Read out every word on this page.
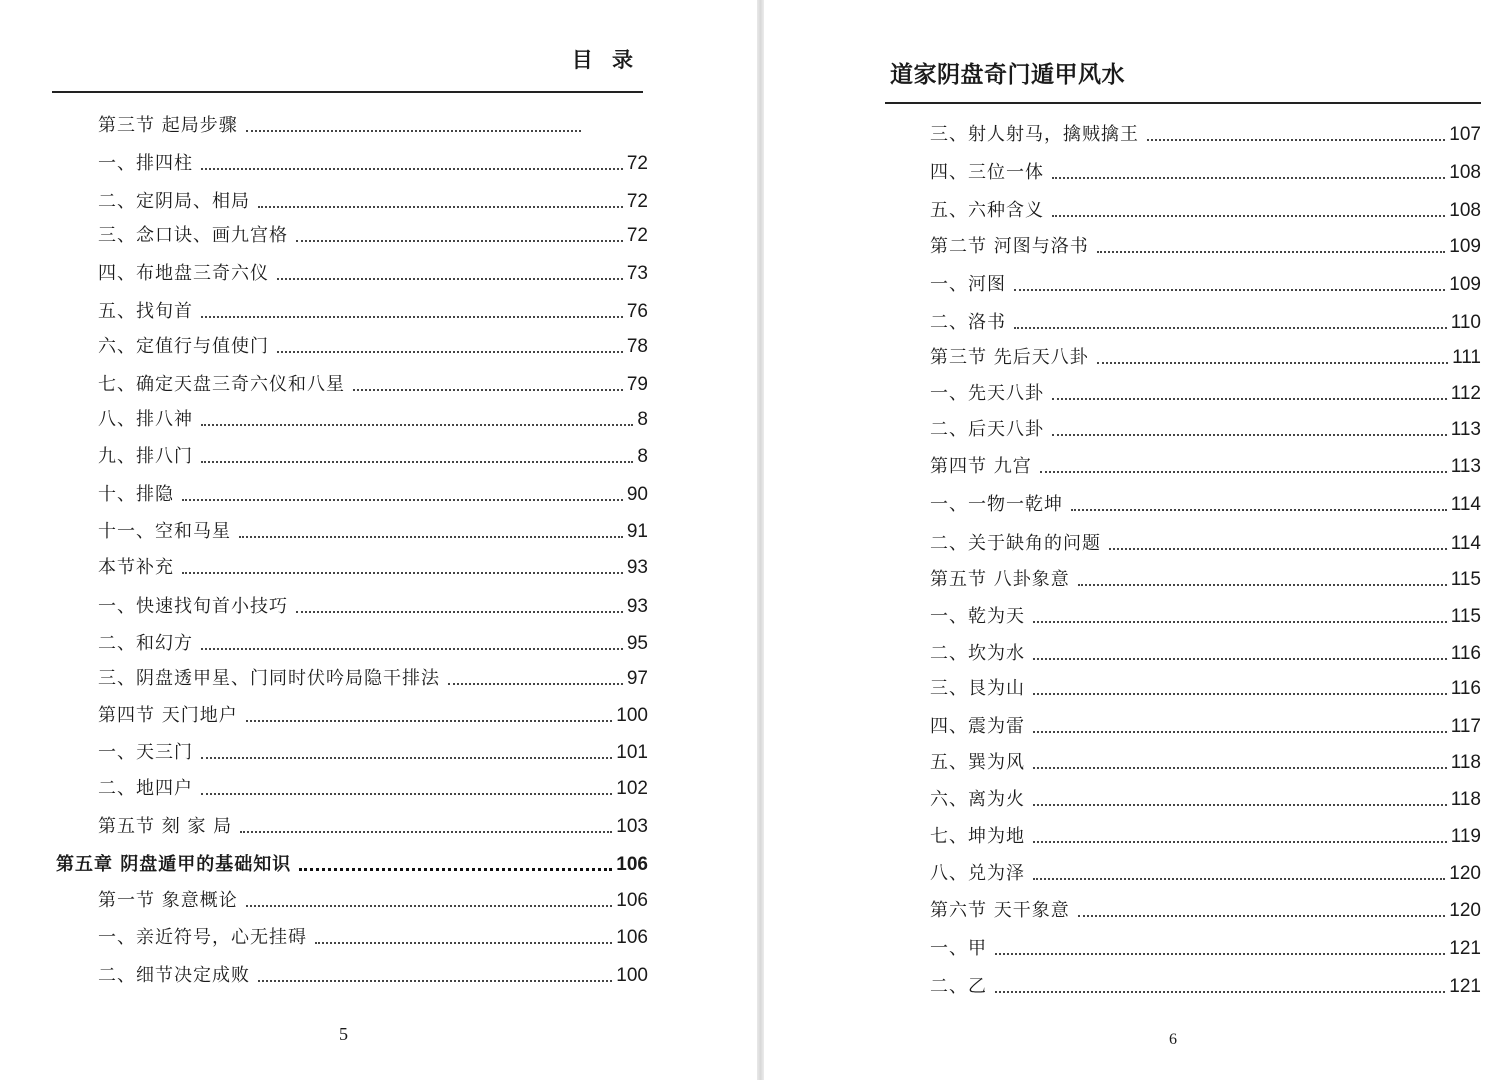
目 录
第三节 起局步骤
一、排四柱	72
二、定阴局、相局	72
三、念口诀、画九宫格	72
四、布地盘三奇六仪	73
五、找旬首	76
六、定值行与值使门	78
七、确定天盘三奇六仪和八星	79
八、排八神	8
九、排八门	8
十、排隐	90
十一、空和马星	91
本节补充	93
一、快速找旬首小技巧	93
二、和幻方	95
三、阴盘透甲星、门同时伏吟局隐干排法	97
第四节 天门地户	100
一、天三门	101
二、地四户	102
第五节 刻 家 局	103
第五章 阴盘遁甲的基础知识	106
第一节 象意概论	106
一、亲近符号，心无挂碍	106
二、细节决定成败	100
5
道家阴盘奇门遁甲风水
三、射人射马，擒贼擒王	107
四、三位一体	108
五、六种含义	108
第二节 河图与洛书	109
一、河图	109
二、洛书	110
第三节 先后天八卦	111
一、先天八卦	112
二、后天八卦	113
第四节 九宫	113
一、一物一乾坤	114
二、关于缺角的问题	114
第五节 八卦象意	115
一、乾为天	115
二、坎为水	116
三、艮为山	116
四、震为雷	117
五、巽为风	118
六、离为火	118
七、坤为地	119
八、兑为泽	120
第六节 天干象意	120
一、甲	121
二、乙	121
6
